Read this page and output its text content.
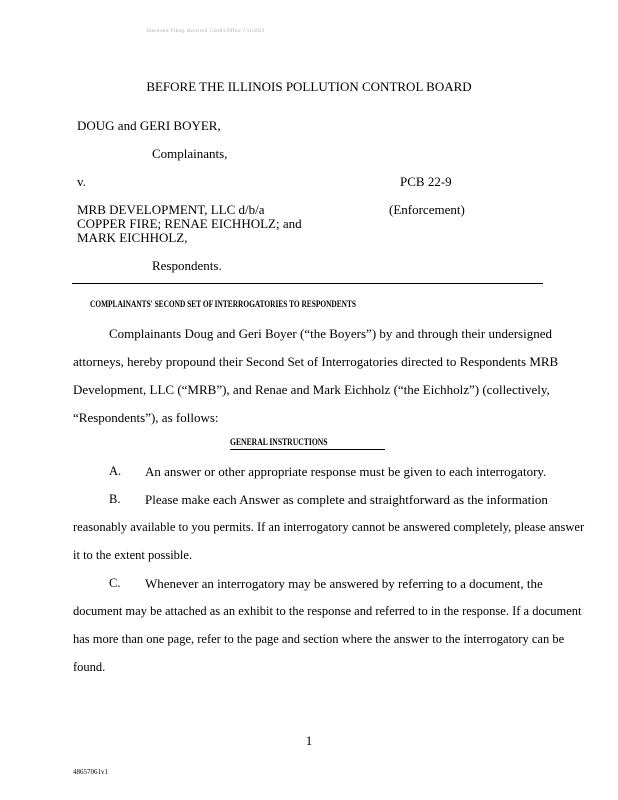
Electronic Filing: Received, Clerk's Office 7/11/2023
BEFORE THE ILLINOIS POLLUTION CONTROL BOARD
DOUG and GERI BOYER,
Complainants,
v.	PCB 22-9
MRB DEVELOPMENT, LLC d/b/a	(Enforcement)
COPPER FIRE; RENAE EICHHOLZ; and
MARK EICHHOLZ,
Respondents.
COMPLAINANTS' SECOND SET OF INTERROGATORIES TO RESPONDENTS
Complainants Doug and Geri Boyer (“the Boyers”) by and through their undersigned
attorneys, hereby propound their Second Set of Interrogatories directed to Respondents MRB
Development, LLC (“MRB”), and Renae and Mark Eichholz (“the Eichholz”) (collectively,
“Respondents”), as follows:
GENERAL INSTRUCTIONS
A. An answer or other appropriate response must be given to each interrogatory.
B. Please make each Answer as complete and straightforward as the information
reasonably available to you permits. If an interrogatory cannot be answered completely, please answer it to the extent possible.
C. Whenever an interrogatory may be answered by referring to a document, the
document may be attached as an exhibit to the response and referred to in the response. If a document has more than one page, refer to the page and section where the answer to the interrogatory can be found.
1
48657061v1
